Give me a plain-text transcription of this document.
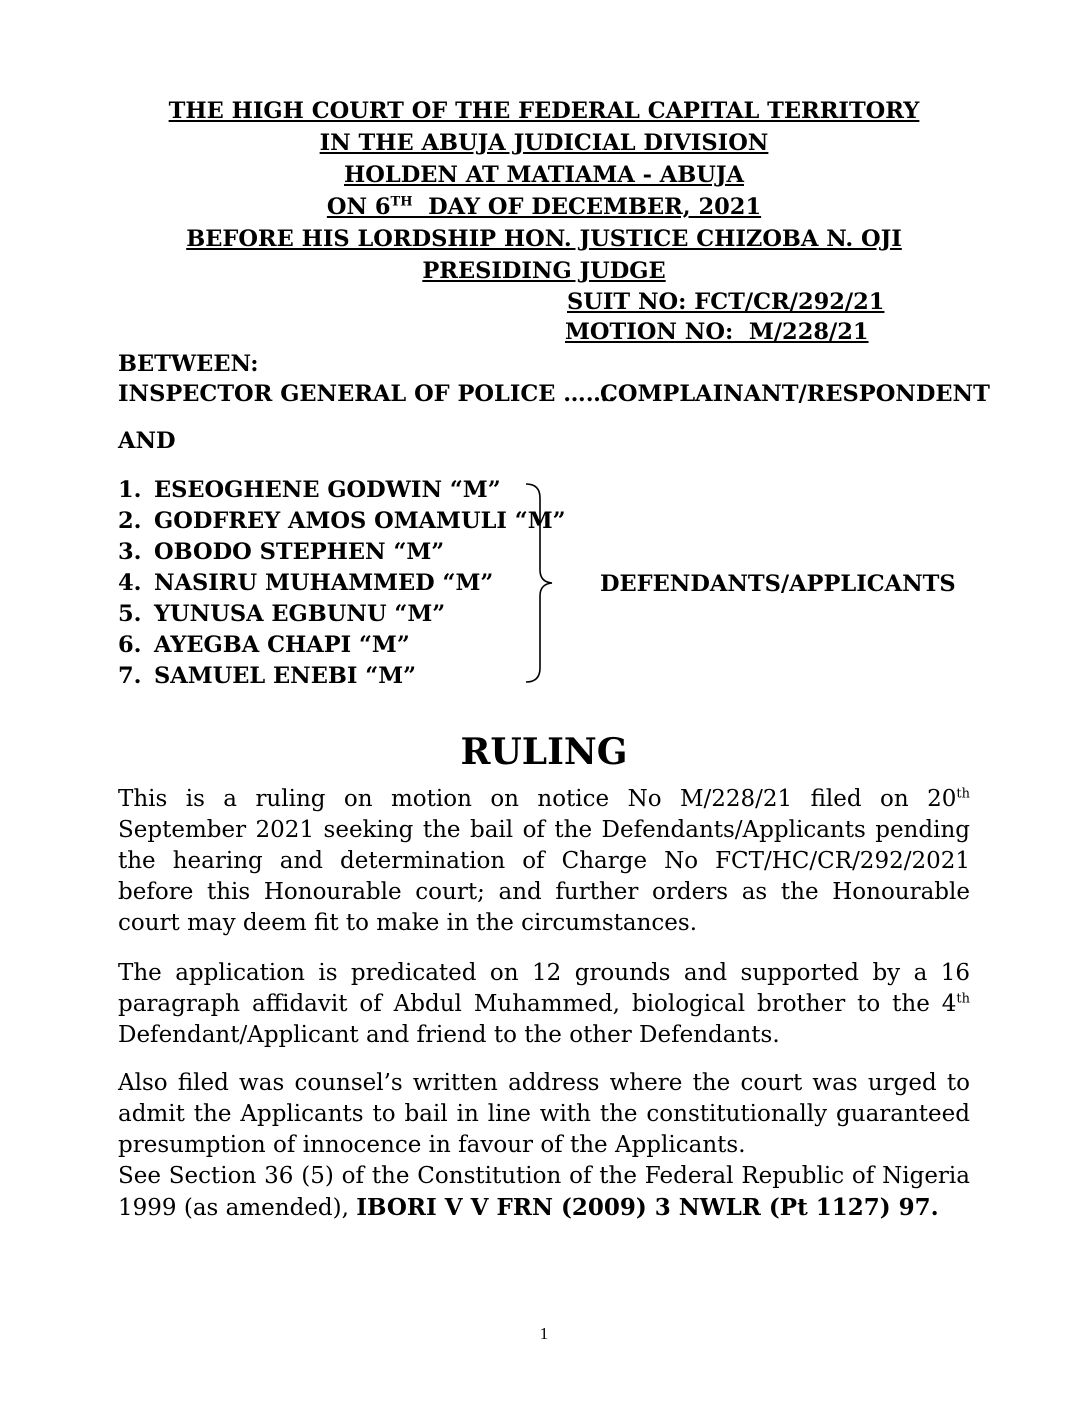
THE HIGH COURT OF THE FEDERAL CAPITAL TERRITORY
IN THE ABUJA JUDICIAL DIVISION
HOLDEN AT MATIAMA - ABUJA
ON 6TH  DAY OF DECEMBER, 2021
BEFORE HIS LORDSHIP HON. JUSTICE CHIZOBA N. OJI
PRESIDING JUDGE
SUIT NO: FCT/CR/292/21
MOTION NO:  M/228/21
BETWEEN:
INSPECTOR GENERAL OF POLICE …….
COMPLAINANT/RESPONDENT
AND
1. ESEOGHENE GODWIN “M”
2. GODFREY AMOS OMAMULI “M”
3. OBODO STEPHEN “M”
4. NASIRU MUHAMMED “M”
5. YUNUSA EGBUNU “M”
6. AYEGBA CHAPI “M”
7. SAMUEL ENEBI “M”
DEFENDANTS/APPLICANTS
RULING

This is a ruling on motion on notice No M/228/21 filed on 20th September 2021 seeking the bail of the Defendants/Applicants pending the hearing and determination of Charge No FCT/HC/CR/292/2021 before this Honourable court; and further orders as the Honourable court may deem fit to make in the circumstances.

The application is predicated on 12 grounds and supported by a 16 paragraph affidavit of Abdul Muhammed, biological brother to the 4th Defendant/Applicant and friend to the other Defendants.

Also filed was counsel’s written address where the court was urged to admit the Applicants to bail in line with the constitutionally guaranteed presumption of innocence in favour of the Applicants.

See Section 36 (5) of the Constitution of the Federal Republic of Nigeria 1999 (as amended), IBORI V V FRN (2009) 3 NWLR (Pt 1127) 97.

1
